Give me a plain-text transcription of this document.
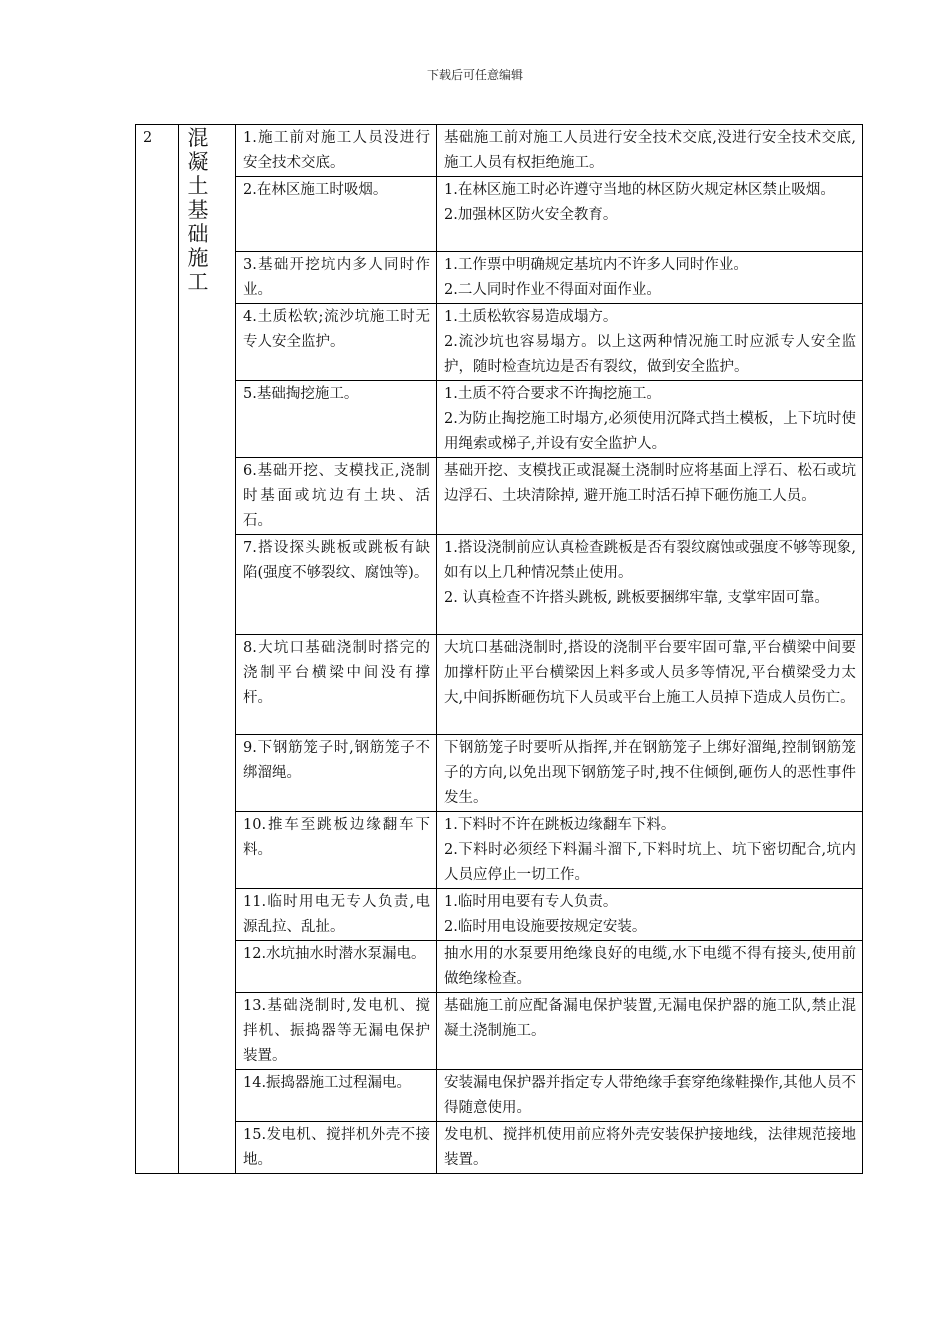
下载后可任意编辑
2	混凝土基础施工	1.施工前对施工人员没进行安全技术交底。	基础施工前对施工人员进行安全技术交底,没进行安全技术交底,施工人员有权拒绝施工。

		2.在林区施工时吸烟。	1.在林区施工时必许遵守当地的林区防火规定林区禁止吸烟。
2.加强林区防火安全教育。

		3.基础开挖坑内多人同时作业。	1.工作票中明确规定基坑内不许多人同时作业。
2.二人同时作业不得面对面作业。

		4.土质松软;流沙坑施工时无专人安全监护。	1.土质松软容易造成塌方。
2.流沙坑也容易塌方。以上这两种情况施工时应派专人安全监护，随时检查坑边是否有裂纹，做到安全监护。

		5.基础掏挖施工。	1.土质不符合要求不许掏挖施工。
2.为防止掏挖施工时塌方,必须使用沉降式挡土模板，上下坑时使用绳索或梯子,并设有安全监护人。

		6.基础开挖、支模找正,浇制时基面或坑边有土块、活石。	基础开挖、支模找正或混凝土浇制时应将基面上浮石、松石或坑边浮石、土块清除掉, 避开施工时活石掉下砸伤施工人员。

		7.搭设探头跳板或跳板有缺陷(强度不够裂纹、腐蚀等)。	1.搭设浇制前应认真检查跳板是否有裂纹腐蚀或强度不够等现象, 如有以上几种情况禁止使用。
2. 认真检查不许搭头跳板, 跳板要捆绑牢靠, 支掌牢固可靠。

		8.大坑口基础浇制时搭完的浇制平台横梁中间没有撑杆。	大坑口基础浇制时,搭设的浇制平台要牢固可靠,平台横梁中间要加撑杆防止平台横梁因上料多或人员多等情况,平台横梁受力太大,中间拆断砸伤坑下人员或平台上施工人员掉下造成人员伤亡。

		9.下钢筋笼子时,钢筋笼子不绑溜绳。	下钢筋笼子时要听从指挥,并在钢筋笼子上绑好溜绳,控制钢筋笼子的方向,以免出现下钢筋笼子时,拽不住倾倒,砸伤人的恶性事件发生。

		10.推车至跳板边缘翻车下料。	1.下料时不许在跳板边缘翻车下料。
2.下料时必须经下料漏斗溜下,下料时坑上、坑下密切配合,坑内人员应停止一切工作。

		11.临时用电无专人负责,电源乱拉、乱扯。	1.临时用电要有专人负责。
2.临时用电设施要按规定安装。

		12.水坑抽水时潜水泵漏电。	抽水用的水泵要用绝缘良好的电缆,水下电缆不得有接头,使用前做绝缘检查。

		13.基础浇制时,发电机、搅拌机、振捣器等无漏电保护装置。	基础施工前应配备漏电保护装置,无漏电保护器的施工队,禁止混凝土浇制施工。

		14.振捣器施工过程漏电。	安装漏电保护器并指定专人带绝缘手套穿绝缘鞋操作,其他人员不得随意使用。

		15.发电机、搅拌机外壳不接地。	发电机、搅拌机使用前应将外壳安装保护接地线，法律规范接地装置。
